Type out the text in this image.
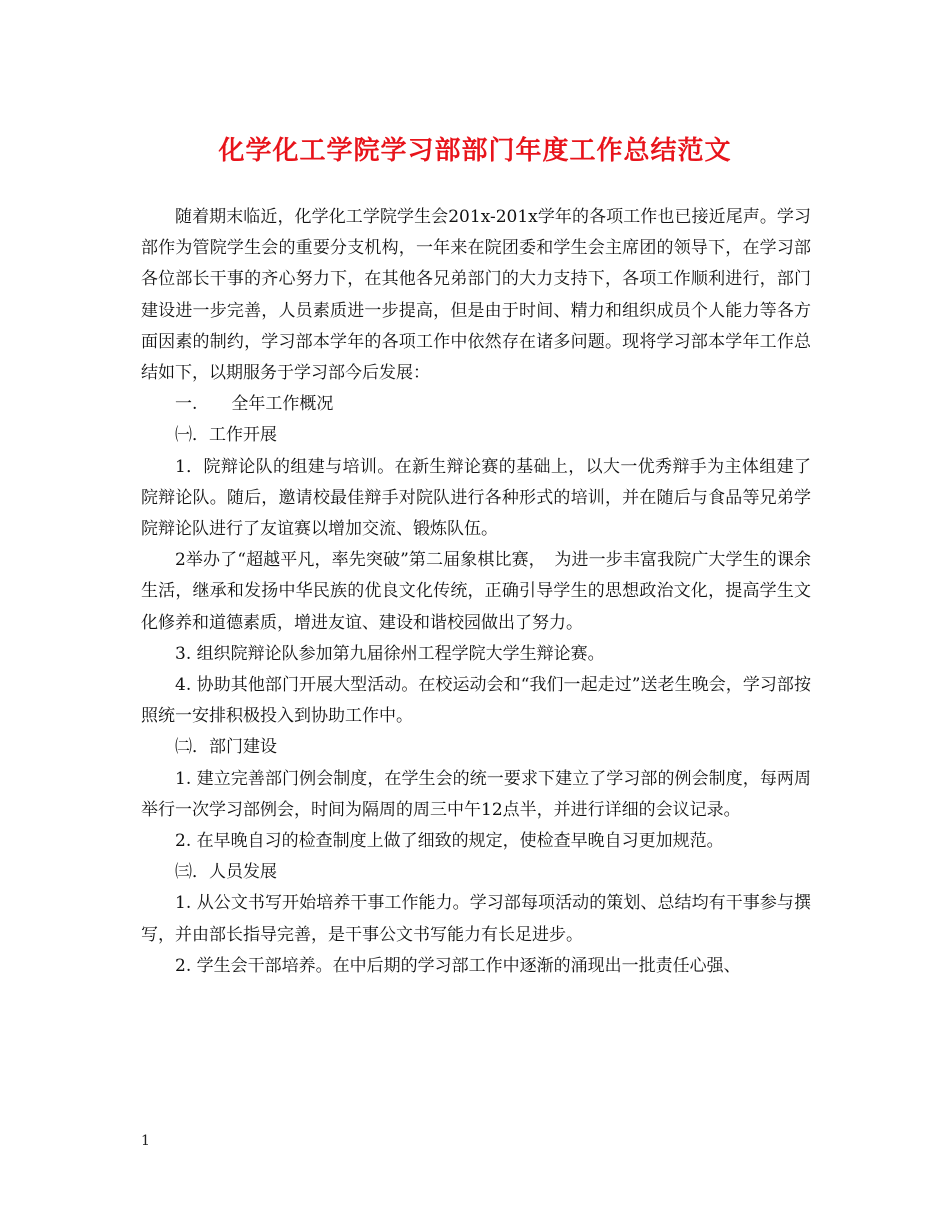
化学化工学院学习部部门年度工作总结范文

随着期末临近，化学化工学院学生会201x-201x学年的各项工作也已接近尾声。学习部作为管院学生会的重要分支机构，一年来在院团委和学生会主席团的领导下，在学习部各位部长干事的齐心努力下，在其他各兄弟部门的大力支持下，各项工作顺利进行，部门建设进一步完善，人员素质进一步提高，但是由于时间、精力和组织成员个人能力等各方面因素的制约，学习部本学年的各项工作中依然存在诸多问题。现将学习部本学年工作总结如下，以期服务于学习部今后发展：

一.　　全年工作概况

㈠．工作开展

1．院辩论队的组建与培训。在新生辩论赛的基础上，以大一优秀辩手为主体组建了院辩论队。随后，邀请校最佳辩手对院队进行各种形式的培训，并在随后与食品等兄弟学院辩论队进行了友谊赛以增加交流、锻炼队伍。

2举办了“超越平凡，率先突破”第二届象棋比赛，　为进一步丰富我院广大学生的课余生活，继承和发扬中华民族的优良文化传统，正确引导学生的思想政治文化，提高学生文化修养和道德素质，增进友谊、建设和谐校园做出了努力。

3. 组织院辩论队参加第九届徐州工程学院大学生辩论赛。

4. 协助其他部门开展大型活动。在校运动会和“我们一起走过”送老生晚会，学习部按照统一安排积极投入到协助工作中。

㈡．部门建设

1. 建立完善部门例会制度，在学生会的统一要求下建立了学习部的例会制度，每两周举行一次学习部例会，时间为隔周的周三中午12点半，并进行详细的会议记录。

2. 在早晚自习的检查制度上做了细致的规定，使检查早晚自习更加规范。

㈢．人员发展

1. 从公文书写开始培养干事工作能力。学习部每项活动的策划、总结均有干事参与撰写，并由部长指导完善，是干事公文书写能力有长足进步。

2. 学生会干部培养。在中后期的学习部工作中逐渐的涌现出一批责任心强、

1
